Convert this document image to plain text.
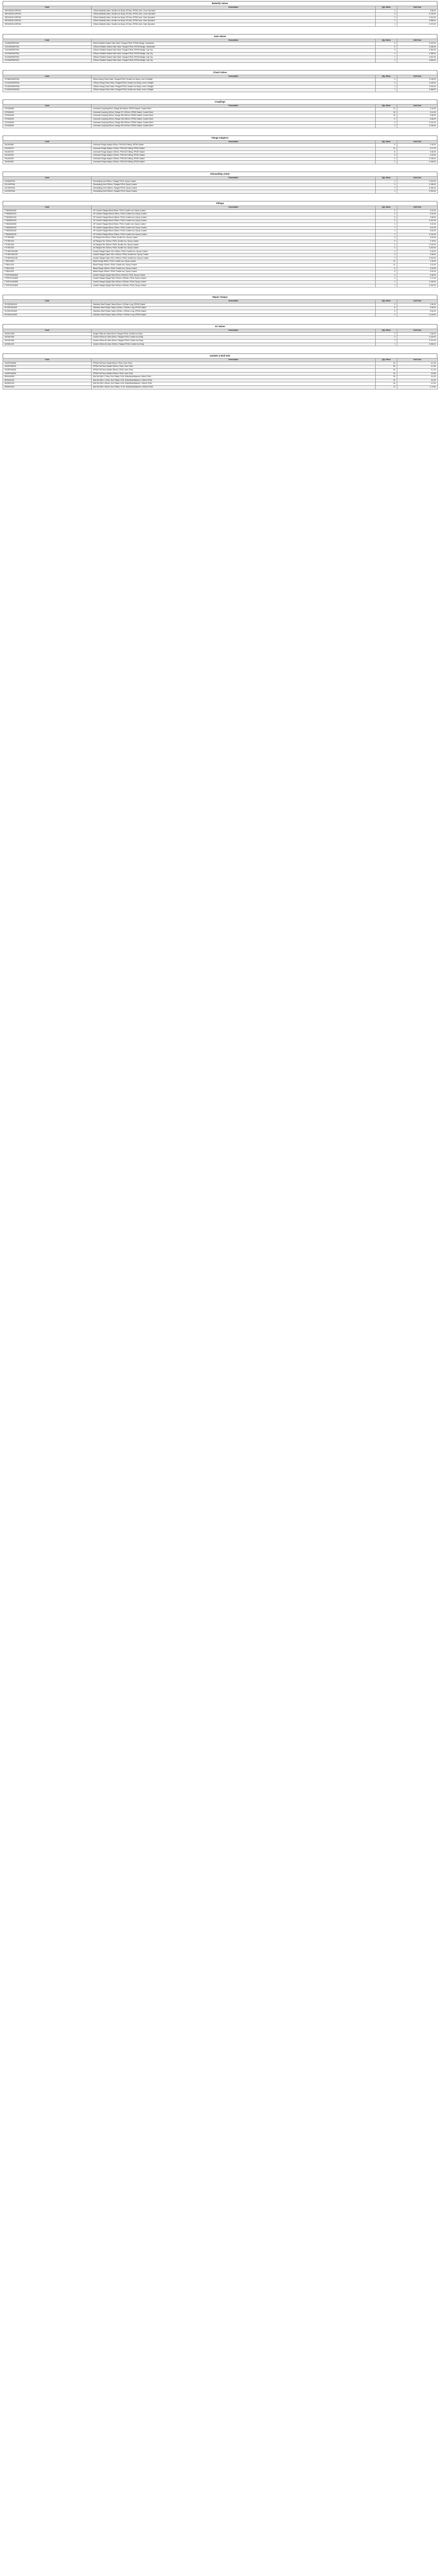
Butterfly Valves
Code	Description	Qty. Stock	Unit Cost
VBF/100/SLO/EPDM	100mm Butterfly Valve, Ductile Iron Body, SS Disc, EPDM Liner, Lever Operated	4	£ 88.00
VBF/150/SLO/EPDM	150mm Butterfly Valve, Ductile Iron Body, SS Disc, EPDM Liner, Lever Operated	6	£ 126.00
VBF/200/SLO/EPDM	200mm Butterfly Valve, Ductile Iron Body, SS Disc, EPDM Liner, Gear Operated	2	£ 244.00
VBF/250/SLO/EPDM	250mm Butterfly Valve, Ductile Iron Body, SS Disc, EPDM Liner, Gear Operated	1	£ 358.00
VBF/300/SLO/EPDM	300mm Butterfly Valve, Ductile Iron Body, SS Disc, EPDM Liner, Gear Operated	1	£ 472.00
Gate Valves
Code	Description	Qty. Stock	Unit Cost
VG/080/RS/EPDM	80mm Resilient Seated Gate Valve, Flanged PN16, EPDM Wedge, Handwheel	5	£ 142.00
VG/100/RS/EPDM	100mm Resilient Seated Gate Valve, Flanged PN16, EPDM Wedge, Handwheel	8	£ 168.00
VG/150/RS/EPDM	150mm Resilient Seated Gate Valve, Flanged PN16, EPDM Wedge, Cap Top	3	£ 264.00
VG/200/RS/EPDM	200mm Resilient Seated Gate Valve, Flanged PN16, EPDM Wedge, Cap Top	2	£ 398.00
VG/250/RS/EPDM	250mm Resilient Seated Gate Valve, Flanged PN16, EPDM Wedge, Cap Top	1	£ 612.00
VG/300/RS/EPDM	300mm Resilient Seated Gate Valve, Flanged PN16, EPDM Wedge, Cap Top	1	£ 846.00
Check Valves
Code	Description	Qty. Stock	Unit Cost
VC/080/SW/EPDM	80mm Swing Check Valve, Flanged PN16, Ductile Iron Body, Lever & Weight	3	£ 118.00
VC/100/SW/EPDM	100mm Swing Check Valve, Flanged PN16, Ductile Iron Body, Lever & Weight	4	£ 146.00
VC/150/SW/EPDM	150mm Swing Check Valve, Flanged PN16, Ductile Iron Body, Lever & Weight	2	£ 232.00
VC/200/SW/EPDM	200mm Swing Check Valve, Flanged PN16, Ductile Iron Body, Lever & Weight	1	£ 388.00
Couplings
Code	Description	Qty. Stock	Unit Cost
CP/UNI/080	Universal Coupling 80mm, Range 86-105mm, EPDM Gasket, Coated Steel	12	£ 34.00
CP/UNI/100	Universal Coupling 100mm, Range 107-130mm, EPDM Gasket, Coated Steel	18	£ 41.00
CP/UNI/150	Universal Coupling 150mm, Range 158-182mm, EPDM Gasket, Coated Steel	10	£ 58.00
CP/UNI/200	Universal Coupling 200mm, Range 218-235mm, EPDM Gasket, Coated Steel	6	£ 86.00
CP/UNI/250	Universal Coupling 250mm, Range 266-290mm, EPDM Gasket, Coated Steel	4	£ 112.00
CP/UNI/300	Universal Coupling 300mm, Range 315-342mm, EPDM Gasket, Coated Steel	3	£ 138.00
Flange Adaptors
Code	Description	Qty. Stock	Unit Cost
FA/UNI/080	Universal Flange Adaptor 80mm, PN10/16 Drilling, EPDM Gasket	9	£ 39.00
FA/UNI/100	Universal Flange Adaptor 100mm, PN10/16 Drilling, EPDM Gasket	14	£ 47.00
FA/UNI/150	Universal Flange Adaptor 150mm, PN10/16 Drilling, EPDM Gasket	8	£ 66.00
FA/UNI/200	Universal Flange Adaptor 200mm, PN10/16 Drilling, EPDM Gasket	5	£ 94.00
FA/UNI/250	Universal Flange Adaptor 250mm, PN10/16 Drilling, EPDM Gasket	2	£ 128.00
FA/UNI/300	Universal Flange Adaptor 300mm, PN10/16 Drilling, EPDM Gasket	2	£ 156.00
Dismantling Joints
Code	Description	Qty. Stock	Unit Cost
DJ/080/PN16	Dismantling Joint 80mm, Flanged PN16, Epoxy Coated	2	£ 164.00
DJ/100/PN16	Dismantling Joint 100mm, Flanged PN16, Epoxy Coated	3	£ 188.00
DJ/150/PN16	Dismantling Joint 150mm, Flanged PN16, Epoxy Coated	2	£ 246.00
DJ/200/PN16	Dismantling Joint 200mm, Flanged PN16, Epoxy Coated	1	£ 332.00
Fittings
Code	Description	Qty. Stock	Unit Cost
FT/BND90/080	90° Double Flanged Bend 80mm, PN16, Ductile Iron, Epoxy Coated	6	£ 42.00
FT/BND90/100	90° Double Flanged Bend 100mm, PN16, Ductile Iron, Epoxy Coated	9	£ 54.00
FT/BND90/150	90° Double Flanged Bend 150mm, PN16, Ductile Iron, Epoxy Coated	5	£ 88.00
FT/BND90/200	90° Double Flanged Bend 200mm, PN16, Ductile Iron, Epoxy Coated	3	£ 142.00
FT/BND45/080	45° Double Flanged Bend 80mm, PN16, Ductile Iron, Epoxy Coated	4	£ 40.00
FT/BND45/100	45° Double Flanged Bend 100mm, PN16, Ductile Iron, Epoxy Coated	7	£ 51.00
FT/BND45/150	45° Double Flanged Bend 150mm, PN16, Ductile Iron, Epoxy Coated	4	£ 82.00
FT/BND45/200	45° Double Flanged Bend 200mm, PN16, Ductile Iron, Epoxy Coated	2	£ 134.00
FT/TEE/080	All Flanged Tee 80mm, PN16, Ductile Iron, Epoxy Coated	5	£ 64.00
FT/TEE/100	All Flanged Tee 100mm, PN16, Ductile Iron, Epoxy Coated	6	£ 78.00
FT/TEE/150	All Flanged Tee 150mm, PN16, Ductile Iron, Epoxy Coated	3	£ 126.00
FT/TEE/200	All Flanged Tee 200mm, PN16, Ductile Iron, Epoxy Coated	2	£ 204.00
FT/TAP/100x080	Double Flanged Taper 100 x 80mm, PN16, Ductile Iron, Epoxy Coated	4	£ 46.00
FT/TAP/150x100	Double Flanged Taper 150 x 100mm, PN16, Ductile Iron, Epoxy Coated	3	£ 68.00
FT/TAP/200x150	Double Flanged Taper 200 x 150mm, PN16, Ductile Iron, Epoxy Coated	2	£ 104.00
FT/BLK/080	Blank Flange 80mm, PN16, Ductile Iron, Epoxy Coated	10	£ 18.00
FT/BLK/100	Blank Flange 100mm, PN16, Ductile Iron, Epoxy Coated	12	£ 22.00
FT/BLK/150	Blank Flange 150mm, PN16, Ductile Iron, Epoxy Coated	8	£ 34.00
FT/BLK/200	Blank Flange 200mm, PN16, Ductile Iron, Epoxy Coated	5	£ 52.00
FT/SPG/080x500	Double Flanged Spigot Pipe 80mm x 500mm, PN16, Epoxy Coated	3	£ 58.00
FT/SPG/100x500	Double Flanged Spigot Pipe 100mm x 500mm, PN16, Epoxy Coated	4	£ 72.00
FT/SPG/150x500	Double Flanged Spigot Pipe 150mm x 500mm, PN16, Epoxy Coated	2	£ 108.00
FT/SPG/200x500	Double Flanged Spigot Pipe 200mm x 500mm, PN16, Epoxy Coated	1	£ 162.00
Repair Clamps
Code	Description	Qty. Stock	Unit Cost
RC/SS/080x200	Stainless Steel Repair Clamp 80mm x 200mm Long, EPDM Gasket	6	£ 48.00
RC/SS/100x200	Stainless Steel Repair Clamp 100mm x 200mm Long, EPDM Gasket	8	£ 56.00
RC/SS/150x300	Stainless Steel Repair Clamp 150mm x 300mm Long, EPDM Gasket	4	£ 84.00
RC/SS/200x300	Stainless Steel Repair Clamp 200mm x 300mm Long, EPDM Gasket	2	£ 118.00
Air Valves
Code	Description	Qty. Stock	Unit Cost
AV/SGL/050	Single Orifice Air Valve 50mm, Flanged PN16, Ductile Iron Body	4	£ 96.00
AV/DBL/050	Double Orifice Air Valve 50mm, Flanged PN16, Ductile Iron Body	3	£ 148.00
AV/DBL/080	Double Orifice Air Valve 80mm, Flanged PN16, Ductile Iron Body	2	£ 212.00
AV/DBL/100	Double Orifice Air Valve 100mm, Flanged PN16, Ductile Iron Body	1	£ 286.00
Gaskets & Bolt Sets
Code	Description	Qty. Stock	Unit Cost
GK/EPDM/080	EPDM Full Face Gasket 80mm, PN16, 3mm Thick	40	£ 2.40
GK/EPDM/100	EPDM Full Face Gasket 100mm, PN16, 3mm Thick	55	£ 2.90
GK/EPDM/150	EPDM Full Face Gasket 150mm, PN16, 3mm Thick	30	£ 4.10
GK/EPDM/200	EPDM Full Face Gasket 200mm, PN16, 3mm Thick	20	£ 5.80
BS/M16/080	Bolt Set M16 x 70mm, Zinc Plated, 8 No. Bolts/Nuts/Washers, 80mm PN16	25	£ 6.20
BS/M16/100	Bolt Set M16 x 70mm, Zinc Plated, 8 No. Bolts/Nuts/Washers, 100mm PN16	30	£ 6.20
BS/M20/150	Bolt Set M20 x 80mm, Zinc Plated, 8 No. Bolts/Nuts/Washers, 150mm PN16	18	£ 9.40
BS/M20/200	Bolt Set M20 x 80mm, Zinc Plated, 12 No. Bolts/Nuts/Washers, 200mm PN16	12	£ 13.60
